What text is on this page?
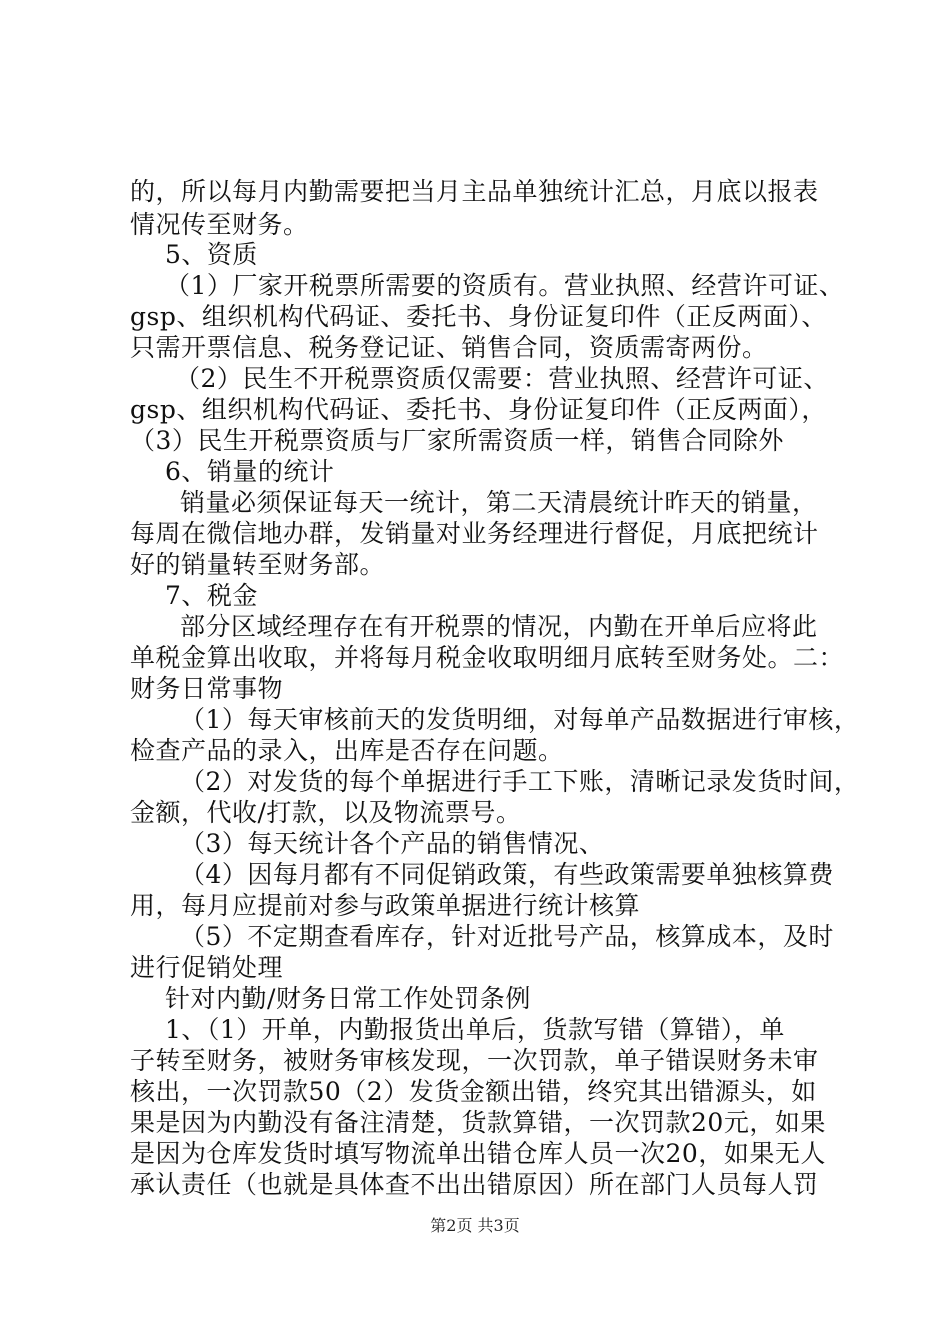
的，所以每月内勤需要把当月主品单独统计汇总，月底以报表
情况传至财务。
5、资质
（1）厂家开税票所需要的资质有。营业执照、经营许可证、
gsp、组织机构代码证、委托书、身份证复印件（正反两面）、
只需开票信息、税务登记证、销售合同，资质需寄两份。
（2）民生不开税票资质仅需要：营业执照、经营许可证、
gsp、组织机构代码证、委托书、身份证复印件（正反两面），
（3）民生开税票资质与厂家所需资质一样，销售合同除外
6、销量的统计
销量必须保证每天一统计，第二天清晨统计昨天的销量，
每周在微信地办群，发销量对业务经理进行督促，月底把统计
好的销量转至财务部。
7、税金
部分区域经理存在有开税票的情况，内勤在开单后应将此
单税金算出收取，并将每月税金收取明细月底转至财务处。二：
财务日常事物
（1）每天审核前天的发货明细，对每单产品数据进行审核，
检查产品的录入，出库是否存在问题。
（2）对发货的每个单据进行手工下账，清晰记录发货时间，
金额，代收/打款，以及物流票号。
（3）每天统计各个产品的销售情况、
（4）因每月都有不同促销政策，有些政策需要单独核算费
用，每月应提前对参与政策单据进行统计核算
（5）不定期查看库存，针对近批号产品，核算成本，及时
进行促销处理
针对内勤/财务日常工作处罚条例
1、（1）开单，内勤报货出单后，货款写错（算错），单
子转至财务，被财务审核发现，一次罚款，单子错误财务未审
核出，一次罚款50（2）发货金额出错，终究其出错源头，如
果是因为内勤没有备注清楚，货款算错，一次罚款20元，如果
是因为仓库发货时填写物流单出错仓库人员一次20，如果无人
承认责任（也就是具体查不出出错原因）所在部门人员每人罚
第2页 共3页
